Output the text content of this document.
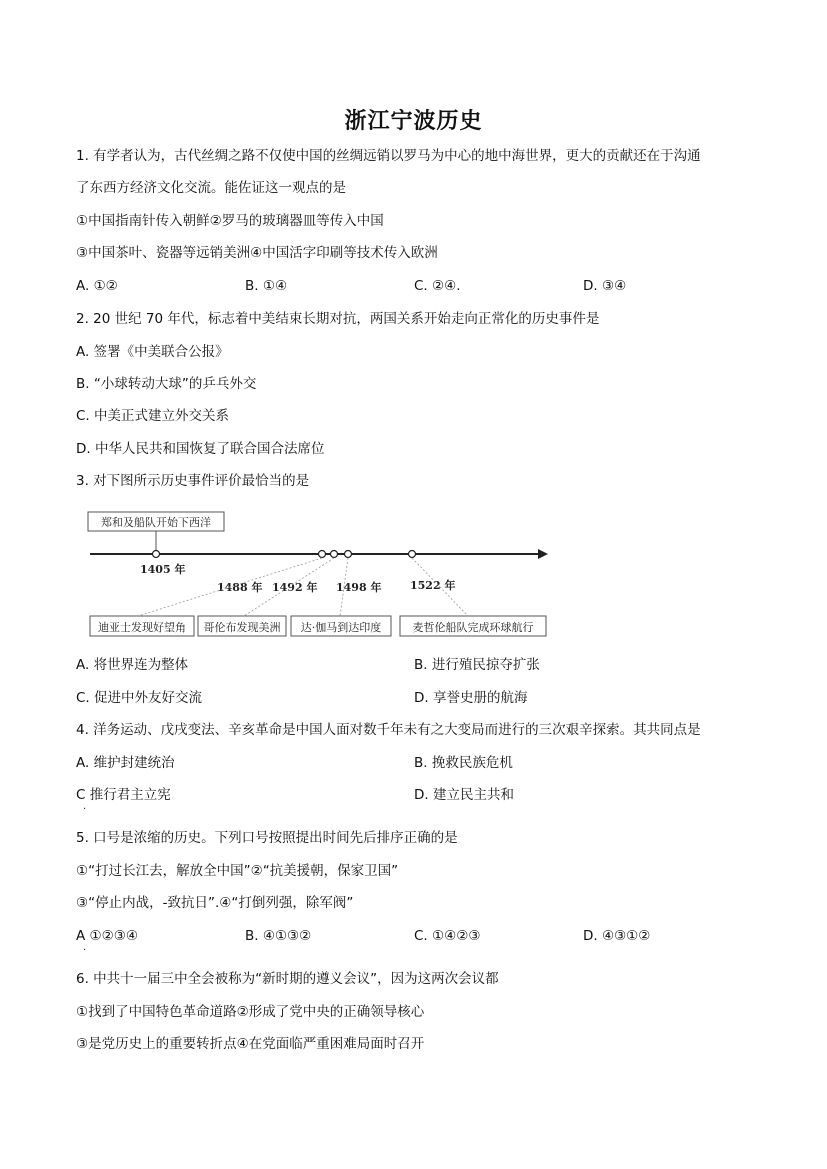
浙江宁波历史
1. 有学者认为，古代丝绸之路不仅使中国的丝绸远销以罗马为中心的地中海世界，更大的贡献还在于沟通
了东西方经济文化交流。能佐证这一观点的是
①中国指南针传入朝鲜②罗马的玻璃器皿等传入中国
③中国茶叶、瓷器等远销美洲④中国活字印刷等技术传入欧洲
A. ①②	B. ①④	C. ②④.	D. ③④
2. 20 世纪 70 年代，标志着中美结束长期对抗，两国关系开始走向正常化的历史事件是
A. 签署《中美联合公报》
B. “小球转动大球”的乒乓外交
C. 中美正式建立外交关系
D. 中华人民共和国恢复了联合国合法席位
3. 对下图所示历史事件评价最恰当的是
郑和及船队开始下西洋
1405 年
1488 年 1492 年 1498 年	1522 年
迪亚士发现好望角 哥伦布发现美洲 达·伽马到达印度	麦哲伦船队完成环球航行
A. 将世界连为整体	B. 进行殖民掠夺扩张
C. 促进中外友好交流	D. 享誉史册的航海
4. 洋务运动、戊戌变法、辛亥革命是中国人面对数千年未有之大变局而进行的三次艰辛探索。其共同点是
A. 维护封建统治	B. 挽救民族危机
C 推行君主立宪	D. 建立民主共和
·
5. 口号是浓缩的历史。下列口号按照提出时间先后排序正确的是
①“打过长江去，解放全中国”②“抗美援朝，保家卫国”
③“停止内战，-致抗日”.④“打倒列强，除军阀”
A ①②③④	B. ④①③②	C. ①④②③	D. ④③①②
·
6. 中共十一届三中全会被称为“新时期的遵义会议”，因为这两次会议都
①找到了中国特色革命道路②形成了党中央的正确领导核心
③是党历史上的重要转折点④在党面临严重困难局面时召开
